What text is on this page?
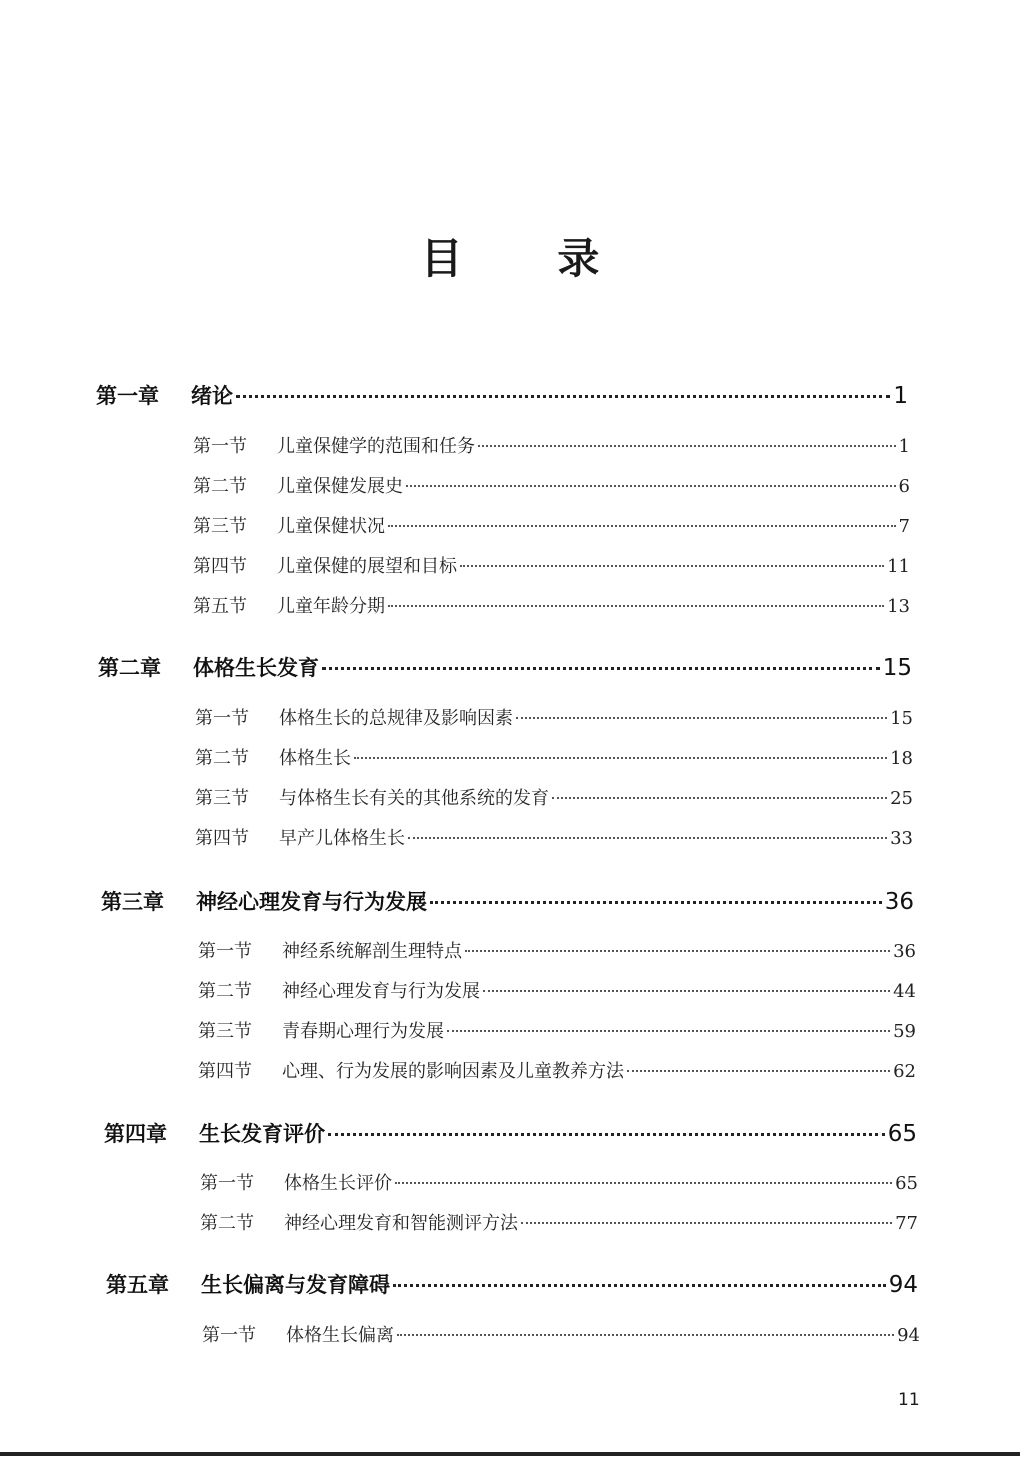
目 录
第一章	绪论	1
第一节	儿童保健学的范围和任务	1
第二节	儿童保健发展史	6
第三节	儿童保健状况	7
第四节	儿童保健的展望和目标	11
第五节	儿童年龄分期	13
第二章	体格生长发育	15
第一节	体格生长的总规律及影响因素	15
第二节	体格生长	18
第三节	与体格生长有关的其他系统的发育	25
第四节	早产儿体格生长	33
第三章	神经心理发育与行为发展	36
第一节	神经系统解剖生理特点	36
第二节	神经心理发育与行为发展	44
第三节	青春期心理行为发展	59
第四节	心理、行为发展的影响因素及儿童教养方法	62
第四章	生长发育评价	65
第一节	体格生长评价	65
第二节	神经心理发育和智能测评方法	77
第五章	生长偏离与发育障碍	94
第一节	体格生长偏离	94
11
